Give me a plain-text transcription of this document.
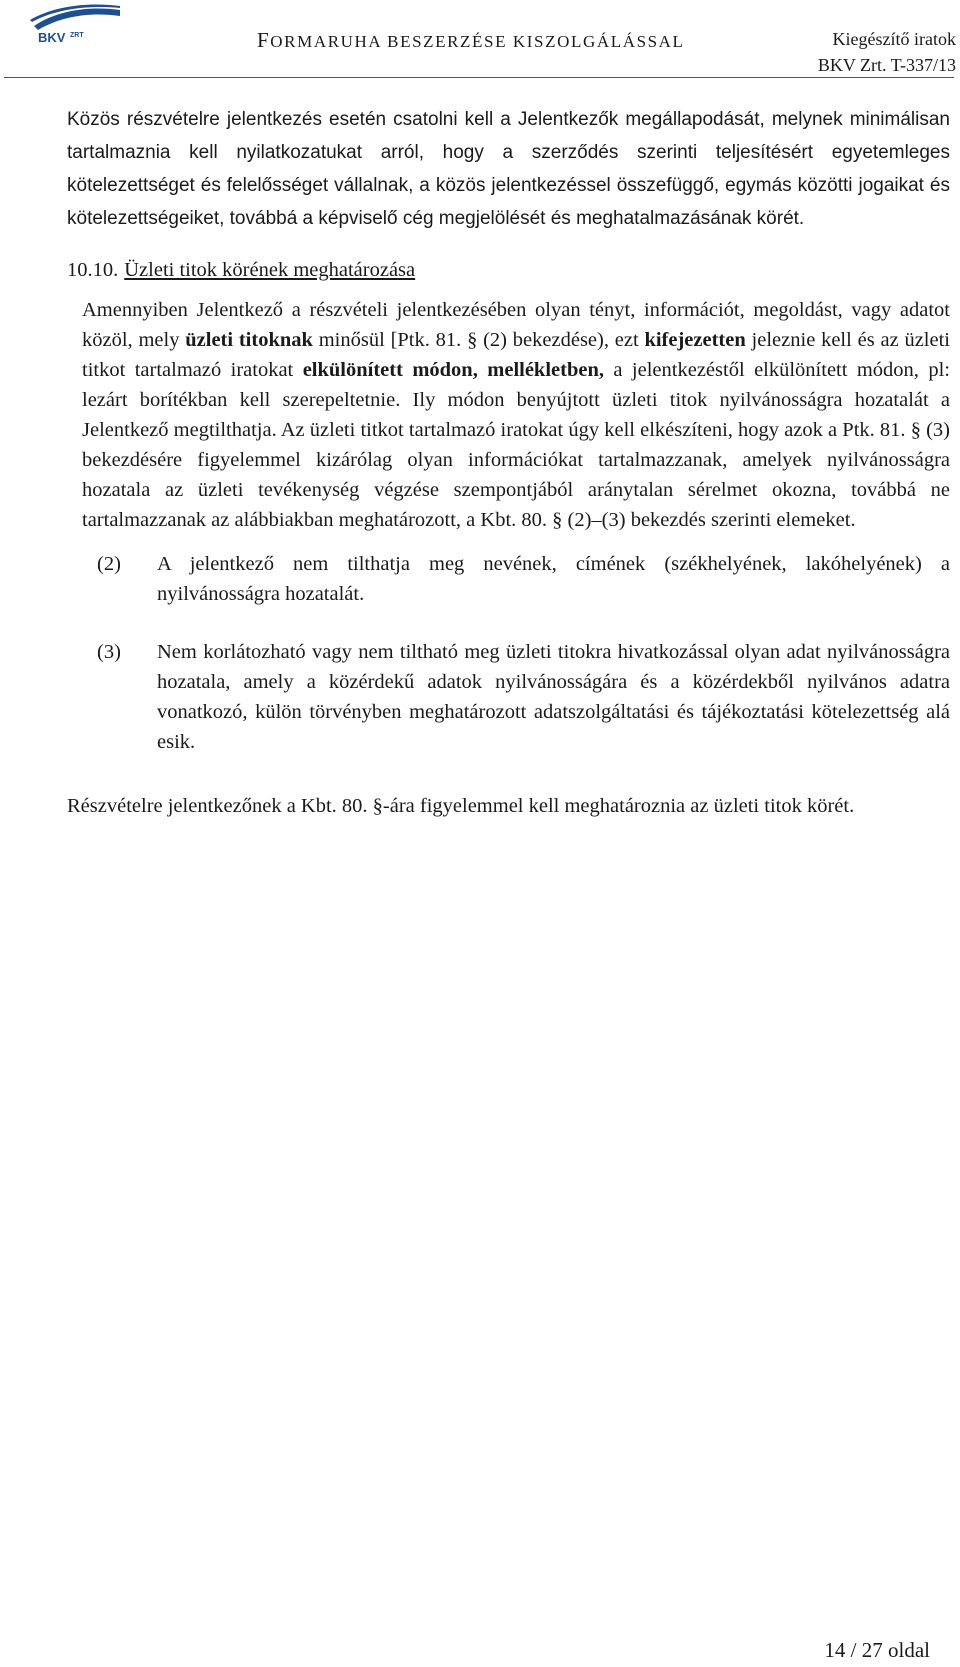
BKV ZRT	FORMARUHA BESZERZÉSE KISZOLGÁLÁSSAL	Kiegészítő iratok
BKV Zrt. T-337/13

Közös részvételre jelentkezés esetén csatolni kell a Jelentkezők megállapodását, melynek minimálisan tartalmaznia kell nyilatkozatukat arról, hogy a szerződés szerinti teljesítésért egyetemleges kötelezettséget és felelősséget vállalnak, a közös jelentkezéssel összefüggő, egymás közötti jogaikat és kötelezettségeiket, továbbá a képviselő cég megjelölését és meghatalmazásának körét.

10.10. Üzleti titok körének meghatározása

Amennyiben Jelentkező a részvételi jelentkezésében olyan tényt, információt, megoldást, vagy adatot közöl, mely üzleti titoknak minősül [Ptk. 81. § (2) bekezdése), ezt kifejezetten jeleznie kell és az üzleti titkot tartalmazó iratokat elkülönített módon, mellékletben, a jelentkezéstől elkülönített módon, pl: lezárt borítékban kell szerepeltetnie. Ily módon benyújtott üzleti titok nyilvánosságra hozatalát a Jelentkező megtilthatja. Az üzleti titkot tartalmazó iratokat úgy kell elkészíteni, hogy azok a Ptk. 81. § (3) bekezdésére figyelemmel kizárólag olyan információkat tartalmazzanak, amelyek nyilvánosságra hozatala az üzleti tevékenység végzése szempontjából aránytalan sérelmet okozna, továbbá ne tartalmazzanak az alábbiakban meghatározott, a Kbt. 80. § (2)–(3) bekezdés szerinti elemeket.

(2) A jelentkező nem tilthatja meg nevének, címének (székhelyének, lakóhelyének) a nyilvánosságra hozatalát.
(3) Nem korlátozható vagy nem tiltható meg üzleti titokra hivatkozással olyan adat nyilvánosságra hozatala, amely a közérdekű adatok nyilvánosságára és a közérdekből nyilvános adatra vonatkozó, külön törvényben meghatározott adatszolgáltatási és tájékoztatási kötelezettség alá esik.

Részvételre jelentkezőnek a Kbt. 80. §-ára figyelemmel kell meghatároznia az üzleti titok körét.

14 / 27 oldal
